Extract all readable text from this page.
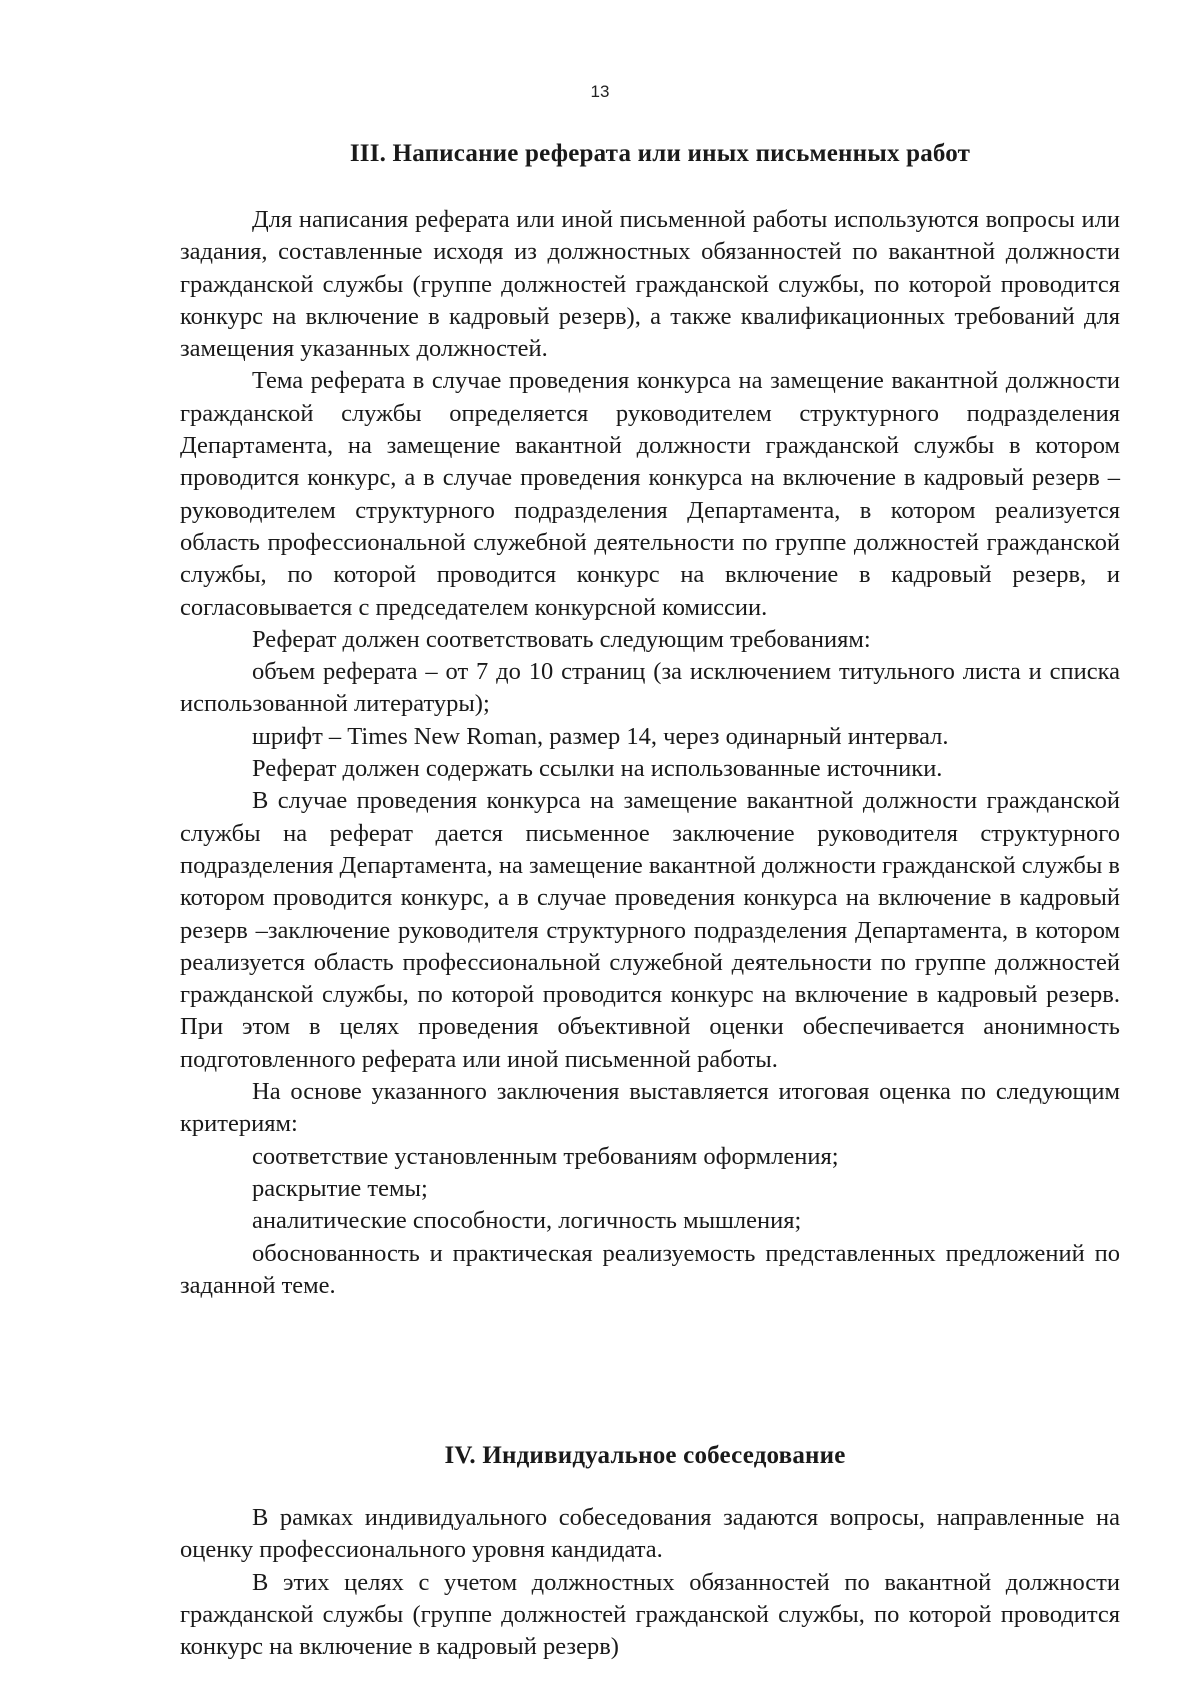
13
III. Написание реферата или иных письменных работ

Для написания реферата или иной письменной работы используются вопросы или задания, составленные исходя из должностных обязанностей по вакантной должности гражданской службы (группе должностей гражданской службы, по которой проводится конкурс на включение в кадровый резерв), а также квалификационных требований для замещения указанных должностей.

Тема реферата в случае проведения конкурса на замещение вакантной должности гражданской службы определяется руководителем структурного подразделения Департамента, на замещение вакантной должности гражданской службы в котором проводится конкурс, а в случае проведения конкурса на включение в кадровый резерв – руководителем структурного подразделения Департамента, в котором реализуется область профессиональной служебной деятельности по группе должностей гражданской службы, по которой проводится конкурс на включение в кадровый резерв, и согласовывается с председателем конкурсной комиссии.

Реферат должен соответствовать следующим требованиям:

объем реферата – от 7 до 10 страниц (за исключением титульного листа и списка использованной литературы);

шрифт – Times New Roman, размер 14, через одинарный интервал.

Реферат должен содержать ссылки на использованные источники.

В случае проведения конкурса на замещение вакантной должности гражданской службы на реферат дается письменное заключение руководителя структурного подразделения Департамента, на замещение вакантной должности гражданской службы в котором проводится конкурс, а в случае проведения конкурса на включение в кадровый резерв –заключение руководителя структурного подразделения Департамента, в котором реализуется область профессиональной служебной деятельности по группе должностей гражданской службы, по которой проводится конкурс на включение в кадровый резерв. При этом в целях проведения объективной оценки обеспечивается анонимность подготовленного реферата или иной письменной работы.

На основе указанного заключения выставляется итоговая оценка по следующим критериям:

соответствие установленным требованиям оформления;

раскрытие темы;

аналитические способности, логичность мышления;

обоснованность и практическая реализуемость представленных предложений по заданной теме.

IV. Индивидуальное собеседование

В рамках индивидуального собеседования задаются вопросы, направленные на оценку профессионального уровня кандидата.

В этих целях с учетом должностных обязанностей по вакантной должности гражданской службы (группе должностей гражданской службы, по которой проводится конкурс на включение в кадровый резерв)
